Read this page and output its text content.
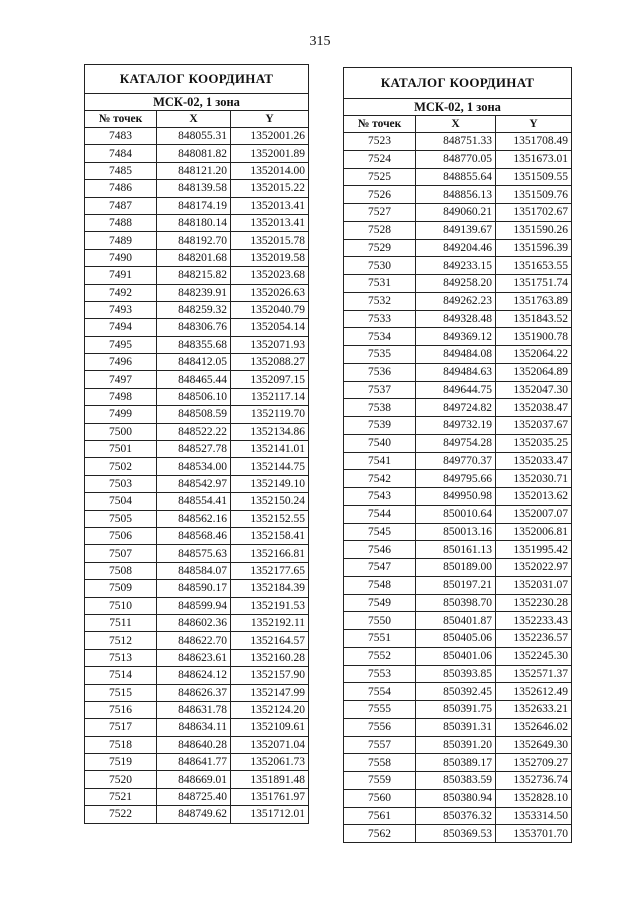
315
КАТАЛОГ КООРДИНАТ		
МСК-02, 1 зона		
№ точек	X	Y
7483	848055.31	1352001.26
7484	848081.82	1352001.89
7485	848121.20	1352014.00
7486	848139.58	1352015.22
7487	848174.19	1352013.41
7488	848180.14	1352013.41
7489	848192.70	1352015.78
7490	848201.68	1352019.58
7491	848215.82	1352023.68
7492	848239.91	1352026.63
7493	848259.32	1352040.79
7494	848306.76	1352054.14
7495	848355.68	1352071.93
7496	848412.05	1352088.27
7497	848465.44	1352097.15
7498	848506.10	1352117.14
7499	848508.59	1352119.70
7500	848522.22	1352134.86
7501	848527.78	1352141.01
7502	848534.00	1352144.75
7503	848542.97	1352149.10
7504	848554.41	1352150.24
7505	848562.16	1352152.55
7506	848568.46	1352158.41
7507	848575.63	1352166.81
7508	848584.07	1352177.65
7509	848590.17	1352184.39
7510	848599.94	1352191.53
7511	848602.36	1352192.11
7512	848622.70	1352164.57
7513	848623.61	1352160.28
7514	848624.12	1352157.90
7515	848626.37	1352147.99
7516	848631.78	1352124.20
7517	848634.11	1352109.61
7518	848640.28	1352071.04
7519	848641.77	1352061.73
7520	848669.01	1351891.48
7521	848725.40	1351761.97
7522	848749.62	1351712.01
КАТАЛОГ КООРДИНАТ		
МСК-02, 1 зона		
№ точек	X	Y
7523	848751.33	1351708.49
7524	848770.05	1351673.01
7525	848855.64	1351509.55
7526	848856.13	1351509.76
7527	849060.21	1351702.67
7528	849139.67	1351590.26
7529	849204.46	1351596.39
7530	849233.15	1351653.55
7531	849258.20	1351751.74
7532	849262.23	1351763.89
7533	849328.48	1351843.52
7534	849369.12	1351900.78
7535	849484.08	1352064.22
7536	849484.63	1352064.89
7537	849644.75	1352047.30
7538	849724.82	1352038.47
7539	849732.19	1352037.67
7540	849754.28	1352035.25
7541	849770.37	1352033.47
7542	849795.66	1352030.71
7543	849950.98	1352013.62
7544	850010.64	1352007.07
7545	850013.16	1352006.81
7546	850161.13	1351995.42
7547	850189.00	1352022.97
7548	850197.21	1352031.07
7549	850398.70	1352230.28
7550	850401.87	1352233.43
7551	850405.06	1352236.57
7552	850401.06	1352245.30
7553	850393.85	1352571.37
7554	850392.45	1352612.49
7555	850391.75	1352633.21
7556	850391.31	1352646.02
7557	850391.20	1352649.30
7558	850389.17	1352709.27
7559	850383.59	1352736.74
7560	850380.94	1352828.10
7561	850376.32	1353314.50
7562	850369.53	1353701.70
